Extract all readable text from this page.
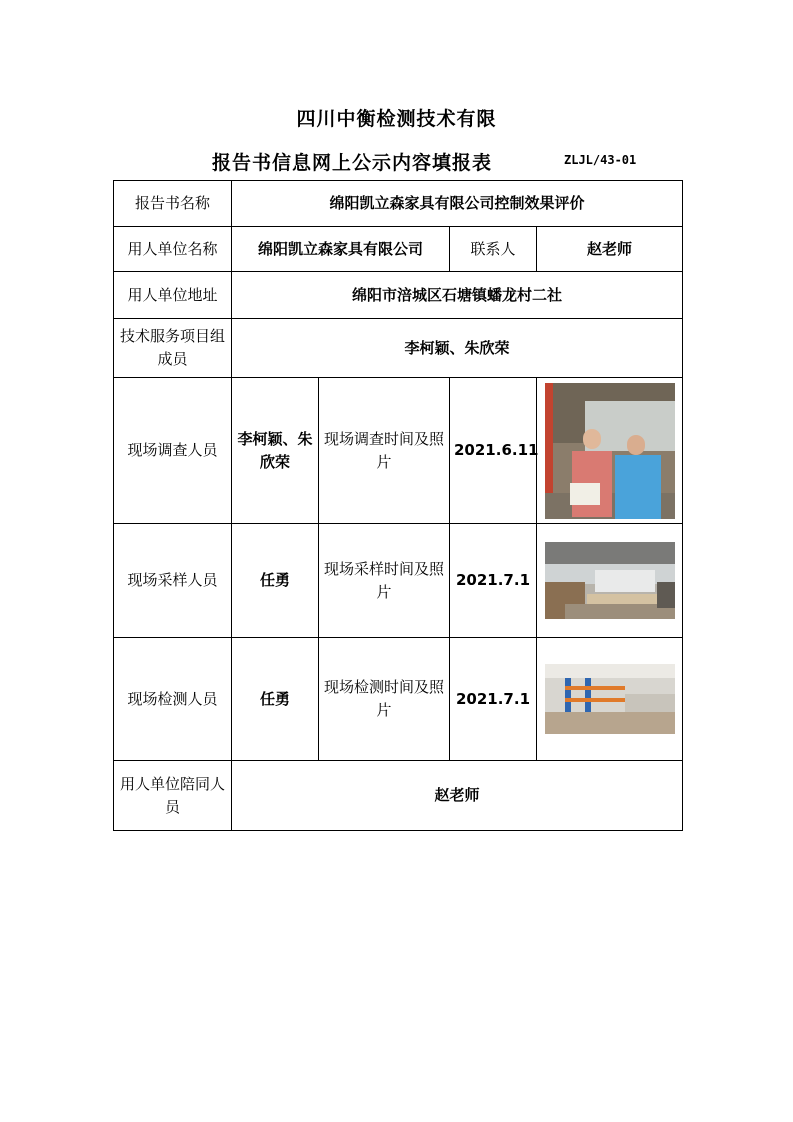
四川中衡检测技术有限
报告书信息网上公示内容填报表	ZLJL/43-01
报告书名称	绵阳凯立森家具有限公司控制效果评价			
用人单位名称	绵阳凯立森家具有限公司		联系人	赵老师
用人单位地址	绵阳市涪城区石塘镇蟠龙村二社			
技术服务项目组成员	李柯颖、朱欣荣			
现场调查人员	李柯颖、朱欣荣	现场调查时间及照片	2021.6.11	

现场采样人员	任勇	现场采样时间及照片	2021.7.1	

现场检测人员	任勇	现场检测时间及照片	2021.7.1	

用人单位陪同人员	赵老师			
